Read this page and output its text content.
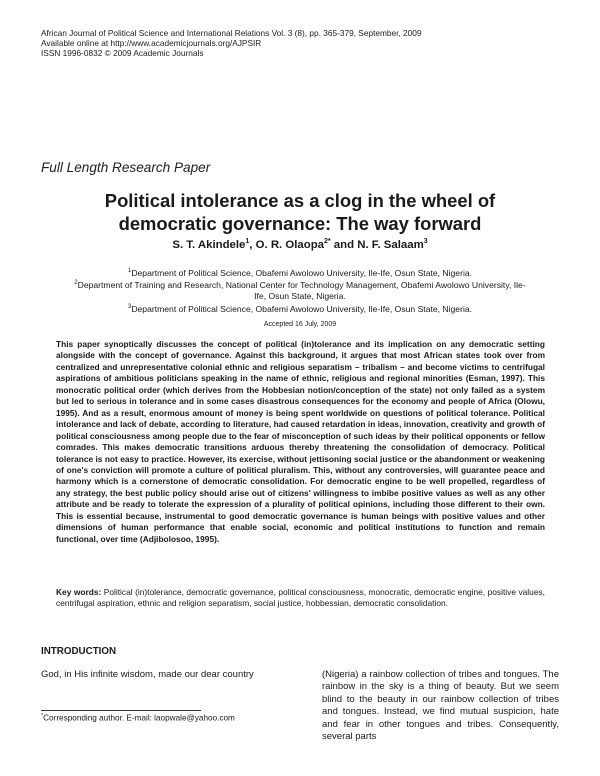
African Journal of Political Science and International Relations Vol. 3 (8), pp. 365-379, September, 2009
Available online at http://www.academicjournals.org/AJPSIR
ISSN 1996-0832 © 2009 Academic Journals
Full Length Research Paper
Political intolerance as a clog in the wheel of
democratic governance: The way forward
S. T. Akindele$^1$, O. R. Olaopa$^{2*}$ and N. F. Salaam$^3$
$^1$Department of Political Science, Obafemi Awolowo University, Ile-Ife, Osun State, Nigeria.
$^2$Department of Training and Research, National Center for Technology Management, Obafemi Awolowo University, Ile-
Ife, Osun State, Nigeria.
$^3$Department of Political Science, Obafemi Awolowo University, Ile-Ife, Osun State, Nigeria.
Accepted 16 July, 2009

This paper synoptically discusses the concept of political (in)tolerance and its implication on any democratic setting alongside with the concept of governance. Against this background, it argues that most African states took over from centralized and unrepresentative colonial ethnic and religious separatism – tribalism – and become victims to centrifugal aspirations of ambitious politicians speaking in the name of ethnic, religious and regional minorities (Esman, 1997). This monocratic political order (which derives from the Hobbesian notion/conception of the state) not only failed as a system but led to serious in tolerance and in some cases disastrous consequences for the economy and people of Africa (Olowu, 1995). And as a result, enormous amount of money is being spent worldwide on questions of political tolerance. Political intolerance and lack of debate, according to literature, had caused retardation in ideas, innovation, creativity and growth of political consciousness among people due to the fear of misconception of such ideas by their political opponents or fellow comrades. This makes democratic transitions arduous thereby threatening the consolidation of democracy. Political tolerance is not easy to practice. However, its exercise, without jettisoning social justice or the abandonment or weakening of one's conviction will promote a culture of political pluralism. This, without any controversies, will guarantee peace and harmony which is a cornerstone of democratic consolidation. For democratic engine to be well propelled, regardless of any strategy, the best public policy should arise out of citizens' willingness to imbibe positive values as well as any other attribute and be ready to tolerate the expression of a plurality of political opinions, including those different to their own. This is essential because, instrumental to good democratic governance is human beings with positive values and other dimensions of human performance that enable social, economic and political institutions to function and remain functional, over time (Adjibolosoo, 1995).

Key words: Political (in)tolerance, democratic governance, political consciousness, monocratic, democratic engine, positive values, centrifugal aspiration, ethnic and religion separatism, social justice, hobbessian, democratic consolidation.

INTRODUCTION

God, in His infinite wisdom, made our dear country	(Nigeria) a rainbow collection of tribes and tongues. The rainbow in the sky is a thing of beauty. But we seem blind to the beauty in our rainbow collection of tribes and tongues. Instead, we find mutual suspicion, hate and fear in other tongues and tribes. Consequently, several parts

*Corresponding author. E-mail: laopwale@yahoo.com
